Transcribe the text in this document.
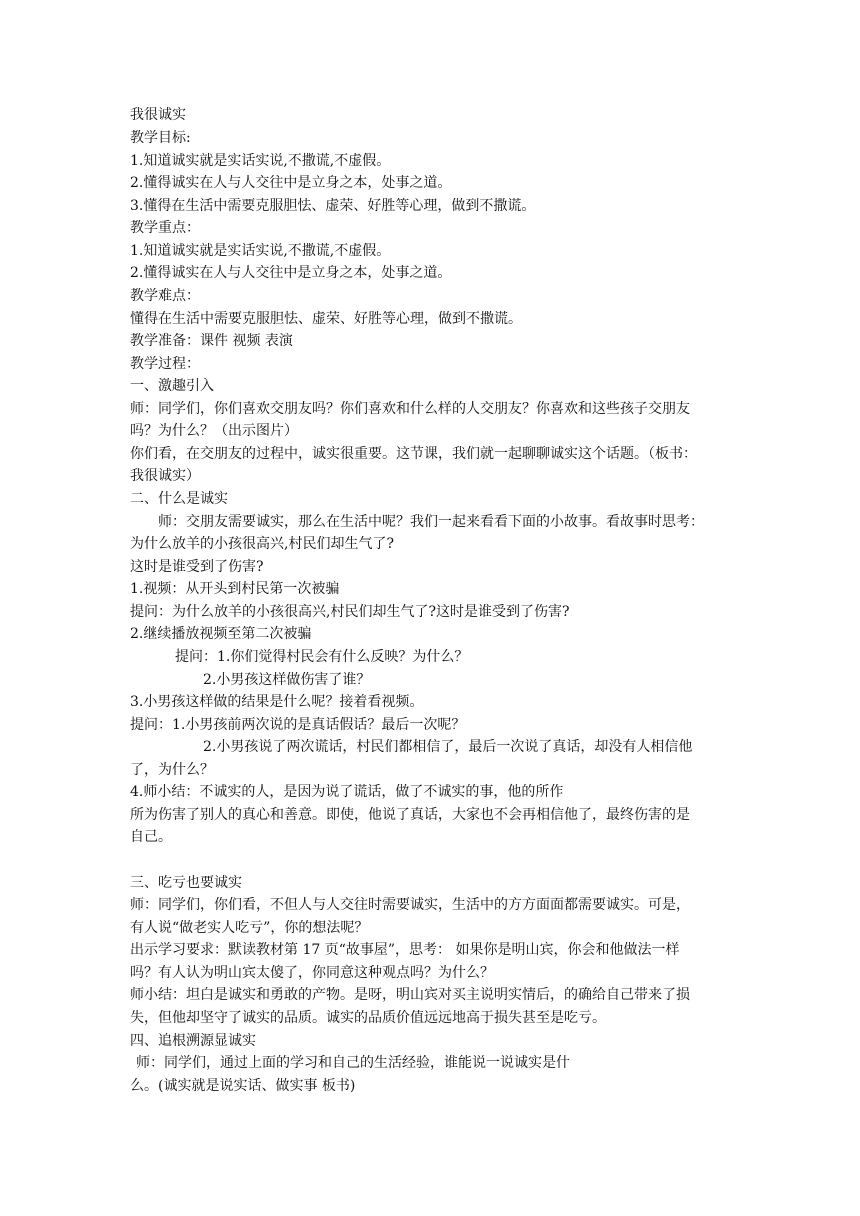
我很诚实
教学目标:
1.知道诚实就是实话实说,不撒谎,不虚假。
2.懂得诚实在人与人交往中是立身之本，处事之道。
3.懂得在生活中需要克服胆怯、虚荣、好胜等心理，做到不撒谎。
教学重点：
1.知道诚实就是实话实说,不撒谎,不虚假。
2.懂得诚实在人与人交往中是立身之本，处事之道。
教学难点：
懂得在生活中需要克服胆怯、虚荣、好胜等心理，做到不撒谎。
教学准备：课件 视频 表演
教学过程：
一、激趣引入
师：同学们，你们喜欢交朋友吗？你们喜欢和什么样的人交朋友？你喜欢和这些孩子交朋友
吗？为什么？（出示图片）
你们看，在交朋友的过程中，诚实很重要。这节课，我们就一起聊聊诚实这个话题。（板书：
我很诚实）
二、什么是诚实
师：交朋友需要诚实，那么在生活中呢？我们一起来看看下面的小故事。看故事时思考：
为什么放羊的小孩很高兴,村民们却生气了?
这时是谁受到了伤害?
1.视频：从开头到村民第一次被骗
提问：为什么放羊的小孩很高兴,村民们却生气了?这时是谁受到了伤害?
2.继续播放视频至第二次被骗
提问：1.你们觉得村民会有什么反映？为什么？
2.小男孩这样做伤害了谁？
3.小男孩这样做的结果是什么呢？接着看视频。
提问：1.小男孩前两次说的是真话假话？最后一次呢？
2.小男孩说了两次谎话，村民们都相信了，最后一次说了真话，却没有人相信他
了，为什么？
4.师小结：不诚实的人，是因为说了谎话，做了不诚实的事，他的所作
所为伤害了别人的真心和善意。即使，他说了真话，大家也不会再相信他了，最终伤害的是
自己。
三、吃亏也要诚实
师：同学们，你们看，不但人与人交往时需要诚实，生活中的方方面面都需要诚实。可是，
有人说“做老实人吃亏”，你的想法呢？
出示学习要求：默读教材第 17 页“故事屋”，思考： 如果你是明山宾，你会和他做法一样
吗？有人认为明山宾太傻了，你同意这种观点吗？为什么？
师小结：坦白是诚实和勇敢的产物。是呀，明山宾对买主说明实情后，的确给自己带来了损
失，但他却坚守了诚实的品质。诚实的品质价值远远地高于损失甚至是吃亏。
四、追根溯源显诚实
师：同学们，通过上面的学习和自己的生活经验，谁能说一说诚实是什
么。(诚实就是说实话、做实事 板书)
